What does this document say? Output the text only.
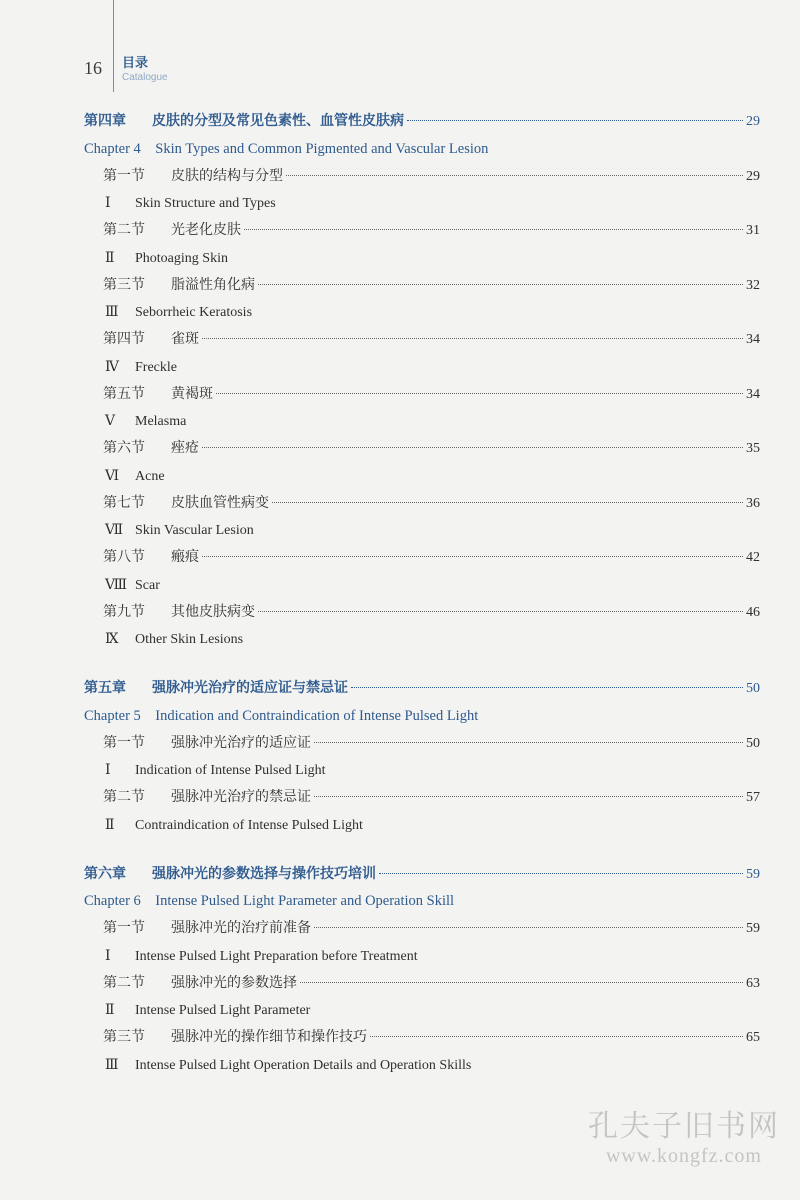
16 目录
Catalogue
第四章	皮肤的分型及常见色素性、血管性皮肤病	29
Chapter 4　Skin Types and Common Pigmented and Vascular Lesion
第一节	皮肤的结构与分型	29
Ⅰ	Skin Structure and Types
第二节	光老化皮肤	31
Ⅱ	Photoaging Skin
第三节	脂溢性角化病	32
Ⅲ	Seborrheic Keratosis
第四节	雀斑	34
Ⅳ	Freckle
第五节	黄褐斑	34
Ⅴ	Melasma
第六节	痤疮	35
Ⅵ	Acne
第七节	皮肤血管性病变	36
Ⅶ Skin Vascular Lesion
第八节	瘢痕	42
Ⅷ Scar
第九节	其他皮肤病变	46
Ⅸ	Other Skin Lesions
第五章	强脉冲光治疗的适应证与禁忌证	50
Chapter 5　Indication and Contraindication of Intense Pulsed Light
第一节	强脉冲光治疗的适应证	50
Ⅰ	Indication of Intense Pulsed Light
第二节	强脉冲光治疗的禁忌证	57
Ⅱ	Contraindication of Intense Pulsed Light
第六章	强脉冲光的参数选择与操作技巧培训	59
Chapter 6　Intense Pulsed Light Parameter and Operation Skill
第一节	强脉冲光的治疗前准备	59
Ⅰ	Intense Pulsed Light Preparation before Treatment
第二节	强脉冲光的参数选择	63
Ⅱ	Intense Pulsed Light Parameter
第三节	强脉冲光的操作细节和操作技巧	65
Ⅲ	Intense Pulsed Light Operation Details and Operation Skills
孔夫子旧书网
www.kongfz.com
